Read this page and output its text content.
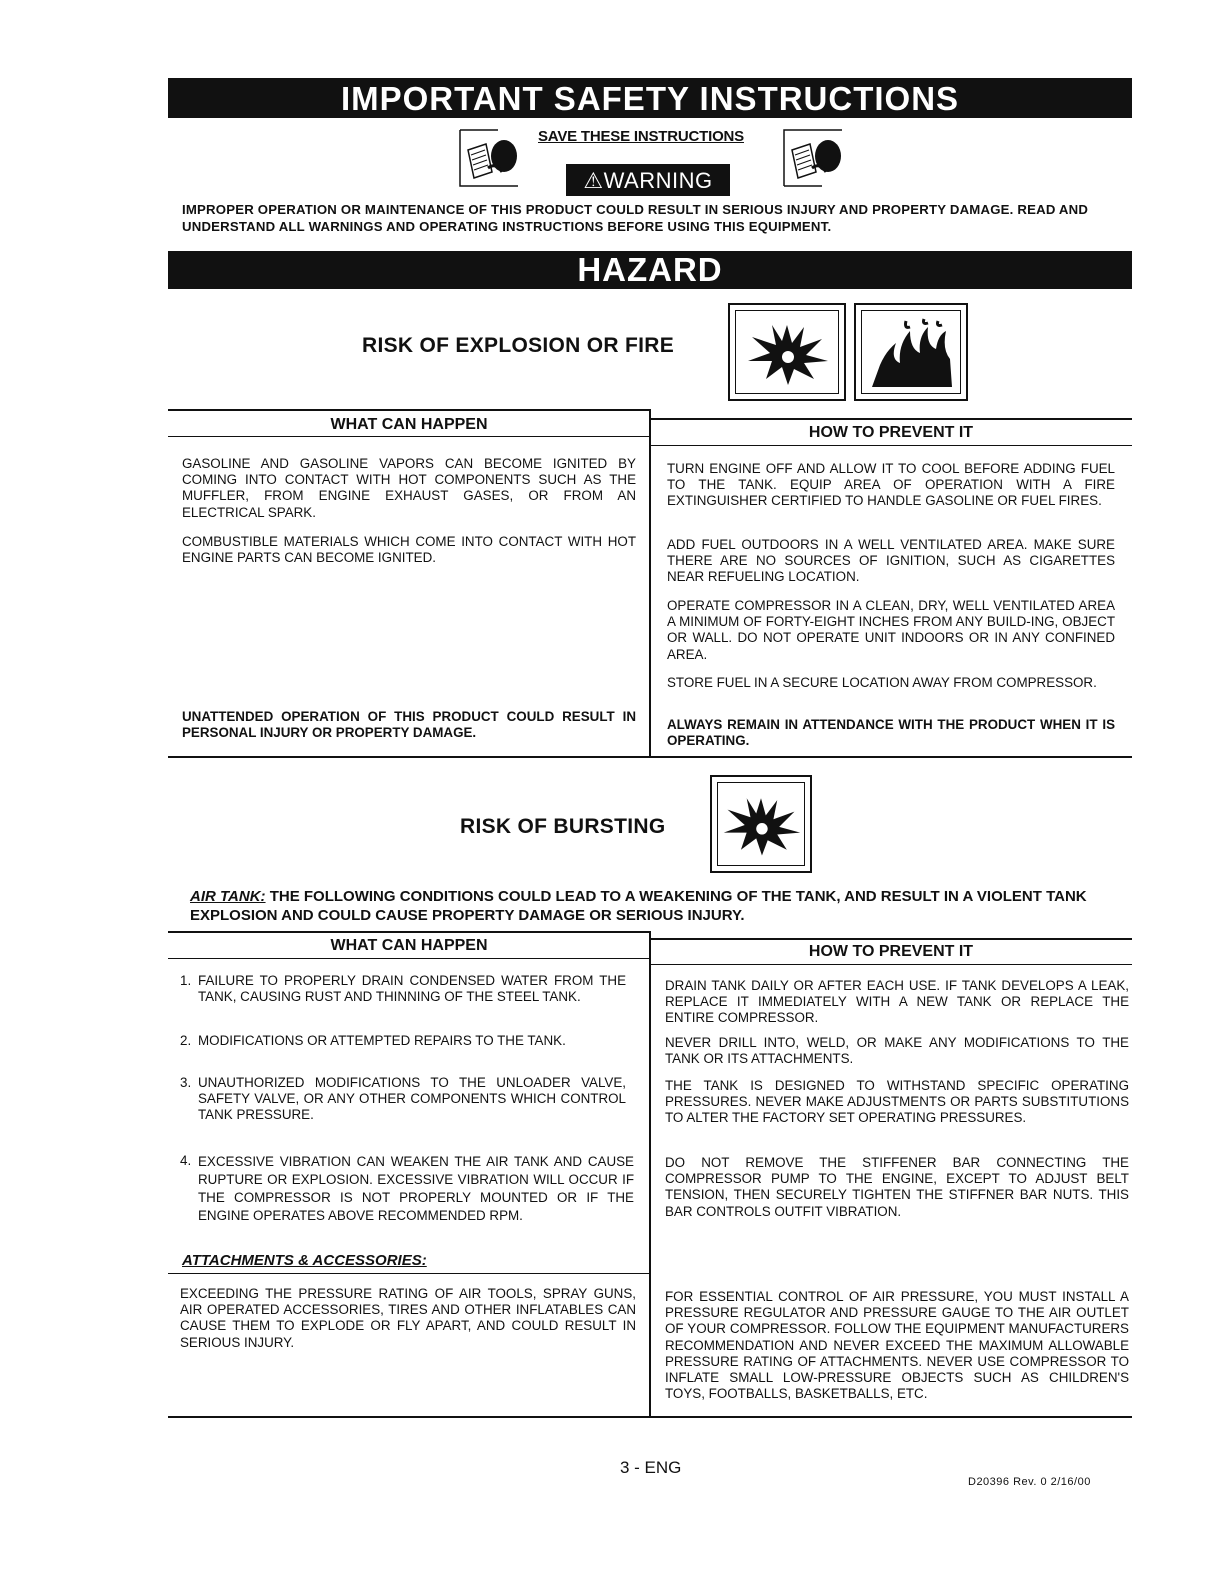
IMPORTANT SAFETY INSTRUCTIONS
SAVE THESE INSTRUCTIONS
⚠WARNING
IMPROPER OPERATION OR MAINTENANCE OF THIS PRODUCT COULD RESULT IN SERIOUS INJURY AND PROPERTY DAMAGE. READ AND UNDERSTAND ALL WARNINGS AND OPERATING INSTRUCTIONS BEFORE USING THIS EQUIPMENT.
HAZARD
RISK OF EXPLOSION OR FIRE
WHAT CAN HAPPEN	HOW TO PREVENT IT
GASOLINE AND GASOLINE VAPORS CAN BECOME IGNITED BY COMING INTO CONTACT WITH HOT COMPONENTS SUCH AS THE MUFFLER, FROM ENGINE EXHAUST GASES, OR FROM AN ELECTRICAL SPARK.
COMBUSTIBLE MATERIALS WHICH COME INTO CONTACT WITH HOT ENGINE PARTS CAN BECOME IGNITED.
UNATTENDED OPERATION OF THIS PRODUCT COULD RESULT IN PERSONAL INJURY OR PROPERTY DAMAGE.
TURN ENGINE OFF AND ALLOW IT TO COOL BEFORE ADDING FUEL TO THE TANK. EQUIP AREA OF OPERATION WITH A FIRE EXTINGUISHER CERTIFIED TO HANDLE GASOLINE OR FUEL FIRES.
ADD FUEL OUTDOORS IN A WELL VENTILATED AREA. MAKE SURE THERE ARE NO SOURCES OF IGNITION, SUCH AS CIGARETTES NEAR REFUELING LOCATION.
OPERATE COMPRESSOR IN A CLEAN, DRY, WELL VENTILATED AREA A MINIMUM OF FORTY-EIGHT INCHES FROM ANY BUILD-ING, OBJECT OR WALL. DO NOT OPERATE UNIT INDOORS OR IN ANY CONFINED AREA.
STORE FUEL IN A SECURE LOCATION AWAY FROM COMPRESSOR.
ALWAYS REMAIN IN ATTENDANCE WITH THE PRODUCT WHEN IT IS OPERATING.
RISK OF BURSTING
AIR TANK: THE FOLLOWING CONDITIONS COULD LEAD TO A WEAKENING OF THE TANK, AND RESULT IN A VIOLENT TANK EXPLOSION AND COULD CAUSE PROPERTY DAMAGE OR SERIOUS INJURY.
WHAT CAN HAPPEN	HOW TO PREVENT IT
1. FAILURE TO PROPERLY DRAIN CONDENSED WATER FROM THE TANK, CAUSING RUST AND THINNING OF THE STEEL TANK.
2. MODIFICATIONS OR ATTEMPTED REPAIRS TO THE TANK.
3. UNAUTHORIZED MODIFICATIONS TO THE UNLOADER VALVE, SAFETY VALVE, OR ANY OTHER COMPONENTS WHICH CONTROL TANK PRESSURE.
4. EXCESSIVE VIBRATION CAN WEAKEN THE AIR TANK AND CAUSE RUPTURE OR EXPLOSION. EXCESSIVE VIBRATION WILL OCCUR IF THE COMPRESSOR IS NOT PROPERLY MOUNTED OR IF THE ENGINE OPERATES ABOVE RECOMMENDED RPM.
DRAIN TANK DAILY OR AFTER EACH USE. IF TANK DEVELOPS A LEAK, REPLACE IT IMMEDIATELY WITH A NEW TANK OR REPLACE THE ENTIRE COMPRESSOR.
NEVER DRILL INTO, WELD, OR MAKE ANY MODIFICATIONS TO THE TANK OR ITS ATTACHMENTS.
THE TANK IS DESIGNED TO WITHSTAND SPECIFIC OPERATING PRESSURES. NEVER MAKE ADJUSTMENTS OR PARTS SUBSTITUTIONS TO ALTER THE FACTORY SET OPERATING PRESSURES.
DO NOT REMOVE THE STIFFENER BAR CONNECTING THE COMPRESSOR PUMP TO THE ENGINE, EXCEPT TO ADJUST BELT TENSION, THEN SECURELY TIGHTEN THE STIFFNER BAR NUTS. THIS BAR CONTROLS OUTFIT VIBRATION.
ATTACHMENTS & ACCESSORIES:
EXCEEDING THE PRESSURE RATING OF AIR TOOLS, SPRAY GUNS, AIR OPERATED ACCESSORIES, TIRES AND OTHER INFLATABLES CAN CAUSE THEM TO EXPLODE OR FLY APART, AND COULD RESULT IN SERIOUS INJURY.
FOR ESSENTIAL CONTROL OF AIR PRESSURE, YOU MUST INSTALL A PRESSURE REGULATOR AND PRESSURE GAUGE TO THE AIR OUTLET OF YOUR COMPRESSOR. FOLLOW THE EQUIPMENT MANUFACTURERS RECOMMENDATION AND NEVER EXCEED THE MAXIMUM ALLOWABLE PRESSURE RATING OF ATTACHMENTS. NEVER USE COMPRESSOR TO INFLATE SMALL LOW-PRESSURE OBJECTS SUCH AS CHILDREN'S TOYS, FOOTBALLS, BASKETBALLS, ETC.
3 - ENG
D20396 Rev. 0 2/16/00
